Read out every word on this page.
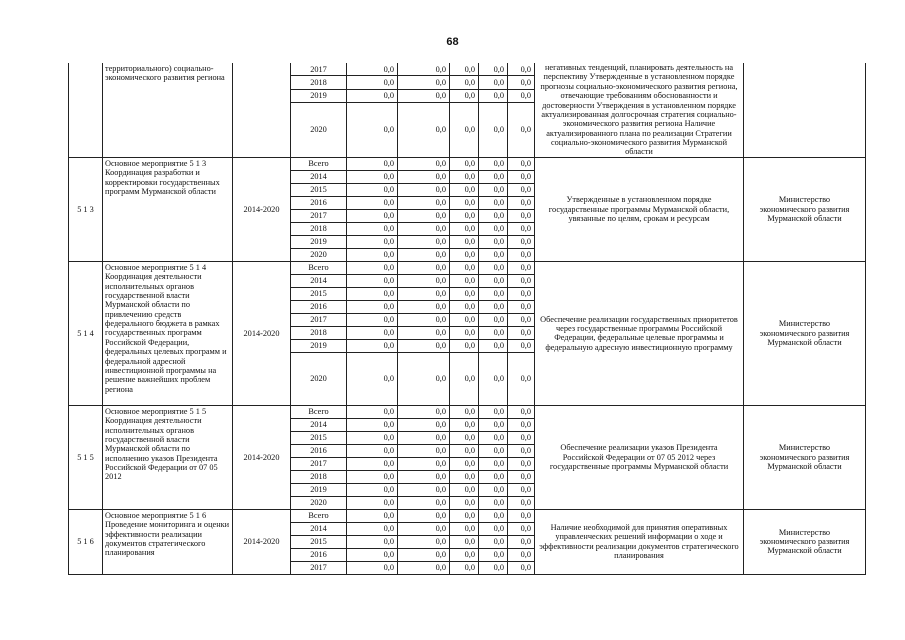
68
	территориального) социально-экономического развития региона		2017	0,0	0,0	0,0	0,0	0,0	негативных тенденций, планировать деятельность на перспективу Утвержденные в установленном порядке прогнозы социально-экономического развития региона, отвечающие требованиям обоснованности и достоверности Утверждения в установленном порядке актуализированная долгосрочная стратегия социально-экономического развития региона Наличие актуализированного плана по реализации Стратегии социально-экономического развития Мурманской области	
			2018	0,0	0,0	0,0	0,0	0,0		
			2019	0,0	0,0	0,0	0,0	0,0		
			2020	0,0	0,0	0,0	0,0	0,0		
5 1 3	Основное мероприятие 5 1 3 Координация разработки и корректировки государственных программ Мурманской области	2014-2020	Всего	0,0	0,0	0,0	0,0	0,0	Утвержденные в установленном порядке государственные программы Мурманской области, увязанные по целям, срокам и ресурсам	Министерство экономического развития Мурманской области
			2014	0,0	0,0	0,0	0,0	0,0		
			2015	0,0	0,0	0,0	0,0	0,0		
			2016	0,0	0,0	0,0	0,0	0,0		
			2017	0,0	0,0	0,0	0,0	0,0		
			2018	0,0	0,0	0,0	0,0	0,0		
			2019	0,0	0,0	0,0	0,0	0,0		
			2020	0,0	0,0	0,0	0,0	0,0		
5 1 4	Основное мероприятие 5 1 4 Координация деятельности исполнительных органов государственной власти Мурманской области по привлечению средств федерального бюджета в рамках государственных программ Российской Федерации, федеральных целевых программ и федеральной адресной инвестиционной программы на решение важнейших проблем региона	2014-2020	Всего	0,0	0,0	0,0	0,0	0,0	Обеспечение реализации государственных приоритетов через государственные программы Российской Федерации, федеральные целевые программы и федеральную адресную инвестиционную программу	Министерство экономического развития Мурманской области
			2014	0,0	0,0	0,0	0,0	0,0		
			2015	0,0	0,0	0,0	0,0	0,0		
			2016	0,0	0,0	0,0	0,0	0,0		
			2017	0,0	0,0	0,0	0,0	0,0		
			2018	0,0	0,0	0,0	0,0	0,0		
			2019	0,0	0,0	0,0	0,0	0,0		
			2020	0,0	0,0	0,0	0,0	0,0		
5 1 5	Основное мероприятие 5 1 5 Координация деятельности исполнительных органов государственной власти Мурманской области по исполнению указов Президента Российской Федерации от 07 05 2012	2014-2020	Всего	0,0	0,0	0,0	0,0	0,0	Обеспечение реализации указов Президента Российской Федерации от 07 05 2012 через государственные программы Мурманской области	Министерство экономического развития Мурманской области
			2014	0,0	0,0	0,0	0,0	0,0		
			2015	0,0	0,0	0,0	0,0	0,0		
			2016	0,0	0,0	0,0	0,0	0,0		
			2017	0,0	0,0	0,0	0,0	0,0		
			2018	0,0	0,0	0,0	0,0	0,0		
			2019	0,0	0,0	0,0	0,0	0,0		
			2020	0,0	0,0	0,0	0,0	0,0		
5 1 6	Основное мероприятие 5 1 6 Проведение мониторинга и оценки эффективности реализации документов стратегического планирования	2014-2020	Всего	0,0	0,0	0,0	0,0	0,0	Наличие необходимой для принятия оперативных управленческих решений информации о ходе и эффективности реализации документов стратегического планирования	Министерство экономического развития Мурманской области
			2014	0,0	0,0	0,0	0,0	0,0		
			2015	0,0	0,0	0,0	0,0	0,0		
			2016	0,0	0,0	0,0	0,0	0,0		
			2017	0,0	0,0	0,0	0,0	0,0		
